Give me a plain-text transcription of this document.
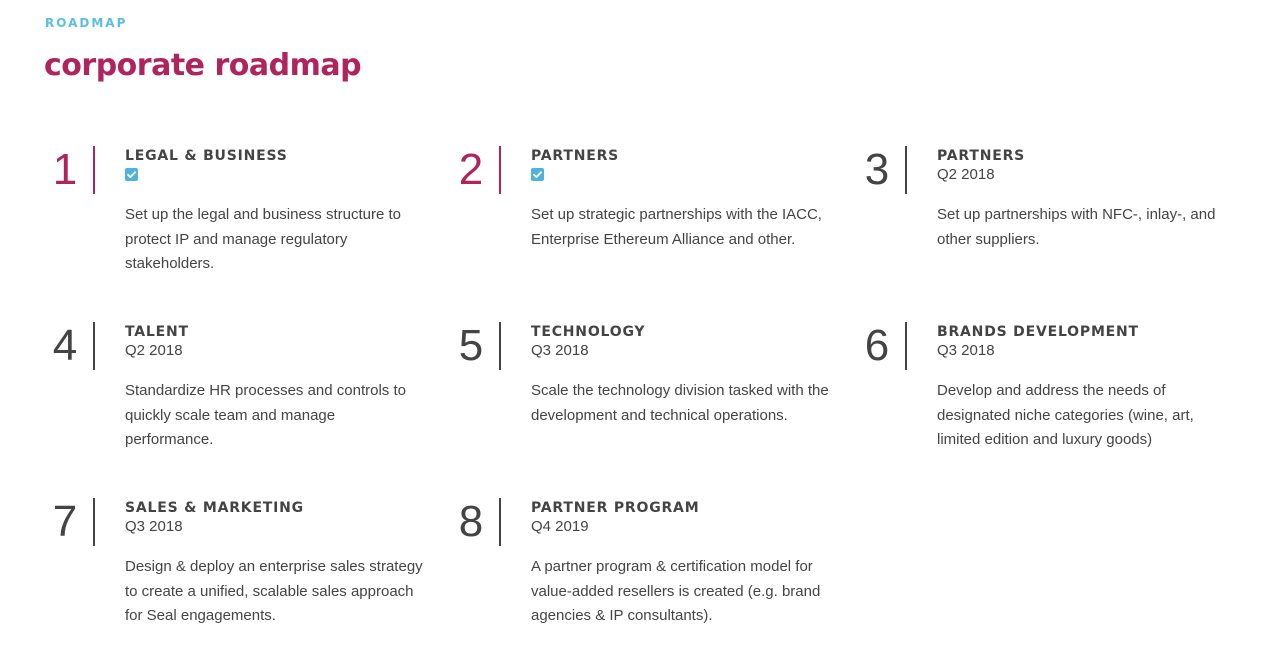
ROADMAP
corporate roadmap
1	LEGAL & BUSINESS
Set up the legal and business structure to protect IP and manage regulatory stakeholders.
2	PARTNERS
Set up strategic partnerships with the IACC, Enterprise Ethereum Alliance and other.
3	PARTNERS
Q2 2018
Set up partnerships with NFC-, inlay-, and other suppliers.
4	TALENT
Q2 2018
Standardize HR processes and controls to quickly scale team and manage performance.
5	TECHNOLOGY
Q3 2018
Scale the technology division tasked with the development and technical operations.
6	BRANDS DEVELOPMENT
Q3 2018
Develop and address the needs of designated niche categories (wine, art, limited edition and luxury goods)
7	SALES & MARKETING
Q3 2018
Design & deploy an enterprise sales strategy to create a unified, scalable sales approach for Seal engagements.
8	PARTNER PROGRAM
Q4 2019
A partner program & certification model for value-added resellers is created (e.g. brand agencies & IP consultants).
